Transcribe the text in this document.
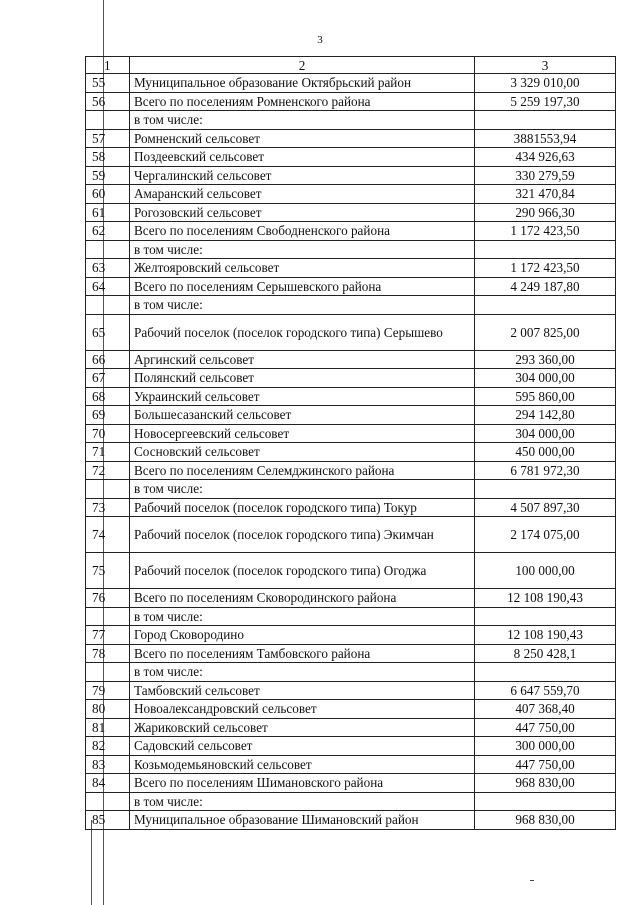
3
1	2	3
55	Муниципальное образование Октябрьский район	3 329 010,00
56	Всего по поселениям Ромненского района	5 259 197,30
	в том числе:	
57	Ромненский сельсовет	3881553,94
58	Поздеевский сельсовет	434 926,63
59	Чергалинский сельсовет	330 279,59
60	Амаранский сельсовет	321 470,84
61	Рогозовский сельсовет	290 966,30
62	Всего по поселениям Свободненского района	1 172 423,50
	в том числе:	
63	Желтояровский сельсовет	1 172 423,50
64	Всего по поселениям Серышевского района	4 249 187,80
	в том числе:	
65	Рабочий поселок (поселок городского типа) Серышево	2 007 825,00
66	Аргинский сельсовет	293 360,00
67	Полянский сельсовет	304 000,00
68	Украинский сельсовет	595 860,00
69	Большесазанский сельсовет	294 142,80
70	Новосергеевский сельсовет	304 000,00
71	Сосновский сельсовет	450 000,00
72	Всего по поселениям Селемджинского района	6 781 972,30
	в том числе:	
73	Рабочий поселок (поселок городского типа) Токур	4 507 897,30
74	Рабочий поселок (поселок городского типа) Экимчан	2 174 075,00
75	Рабочий поселок (поселок городского типа) Огоджа	100 000,00
76	Всего по поселениям Сковородинского района	12 108 190,43
	в том числе:	
77	Город Сковородино	12 108 190,43
78	Всего по поселениям Тамбовского района	8 250 428,1
	в том числе:	
79	Тамбовский сельсовет	6 647 559,70
80	Новоалександровский сельсовет	407 368,40
81	Жариковский сельсовет	447 750,00
82	Садовский сельсовет	300 000,00
83	Козьмодемьяновский сельсовет	447 750,00
84	Всего по поселениям Шимановского района	968 830,00
	в том числе:	
85	Муниципальное образование Шимановский район	968 830,00
